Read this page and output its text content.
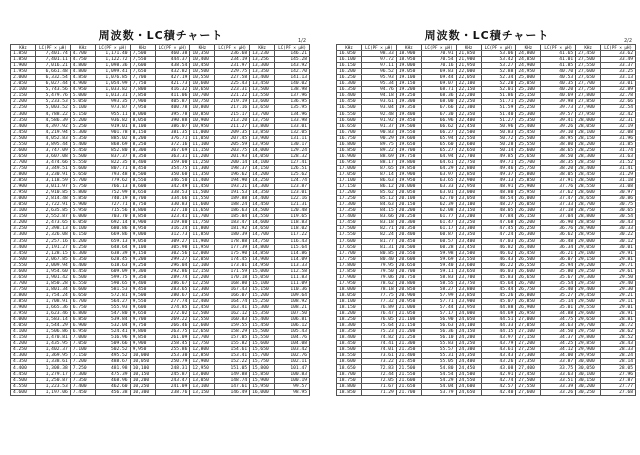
周波数・LC積チャート	1/2
KHz	LC(PF × μH)	KHz	LC(PF × μH)	KHz	LC(PF × μH)	KHz	LC(PF × μH)	KHz	LC(PF × μH)
1.850	7,401.74	4.700	1,171.40	7,500	460.38	10,350	236.68	13,230	146.21
1.850	7,401.11	4.750	1,122.72	7,550	444.37	10,400	234.19	13,256	145.28
1.900	7,016.21	4.800	1,098.36	7,600	438.54	10,450	231.97	13,300	143.92
1.950	6,661.48	4.800	1,099.41	7,650	432.82	10,500	229.75	13,350	142.70
2.000	6,332.54	4.850	1,076.85	7,700	427.19	10,550	227.58	13,400	141.13
2.050	6,027.44	4.900	1,054.99	7,750	421.73	10,600	225.43	13,450	140.02
2.100	5,743.56	4.950	1,033.82	7,800	416.32	10,650	223.31	13,500	138.98
2.150	5,479.76	5.000	1,013.31	7,850	411.06	10,700	221.22	13,550	137.96
2.200	5,233.53	5.050	993.35	7,900	405.87	10,750	219.19	13,600	136.95
2.250	5,003.52	5.100	973.87	7,950	400.78	10,800	217.16	13,650	135.95
2.300	4,788.22	5.150	955.11	8,000	395.78	10,850	215.17	13,700	134.96
2.350	4,586.39	5.200	936.82	8,050	390.88	10,900	213.20	13,750	133.98
2.400	4,397.92	5.250	919.01	8,100	386.07	10,950	211.27	13,800	133.01
2.450	4,219.94	5.300	901.78	8,150	381.35	11,000	209.35	13,850	132.05
2.500	4,052.83	5.350	885.02	8,200	376.71	11,050	207.45	13,900	131.11
2.550	3,895.44	5.400	868.69	8,250	372.16	11,100	205.59	13,950	130.17
2.600	3,747.09	5.450	852.80	8,300	367.69	11,150	203.75	14,000	129.24
2.650	3,607.08	5.500	837.37	8,350	363.31	11,200	201.93	14,050	128.32
2.700	3,474.66	5.550	822.35	8,400	359.00	11,250	200.14	14,100	127.41
2.750	3,349.51	5.600	807.71	8,450	354.75	11,300	198.37	14,150	126.51
2.800	3,230.91	5.650	793.48	8,500	350.60	11,350	196.62	14,200	125.62
2.850	3,118.59	5.700	779.62	8,550	346.50	11,400	194.90	14,250	124.74
2.900	3,011.97	5.750	766.13	8,600	342.49	11,450	193.21	14,300	123.87
2.950	2,910.85	5.800	752.99	8,650	338.53	11,500	191.53	14,350	123.01
3.000	2,814.48	5.850	740.19	8,700	334.66	11,550	189.88	14,400	122.16
3.050	2,722.91	5.900	727.71	8,750	330.83	11,600	188.24	14,450	121.31
3.100	2,635.85	5.950	715.56	8,800	327.10	11,650	186.63	14,500	120.48
3.150	2,552.87	6.000	703.70	8,850	323.41	11,700	185.04	14,550	119.65
3.200	2,473.65	6.050	692.14	8,900	319.80	11,750	183.47	14,600	118.83
3.250	2,398.13	6.100	680.86	8,950	316.24	11,800	181.92	14,650	118.02
3.300	2,326.08	6.150	669.86	9,000	312.73	11,850	180.39	14,700	117.22
3.350	2,257.16	6.200	659.13	9,050	309.27	11,900	178.88	14,750	116.43
3.400	2,191.27	6.250	648.64	9,100	305.90	11,950	177.39	14,800	115.64
3.450	2,128.15	6.300	638.39	9,150	302.56	12,000	175.90	14,850	114.86
3.500	2,067.85	6.350	628.45	9,200	299.27	12,050	174.45	14,900	114.09
3.550	2,009.94	6.400	618.63	9,250	296.04	12,100	173.01	14,950	113.33
3.600	1,954.60	6.450	609.09	9,300	292.86	12,150	171.59	15,000	112.58
3.650	1,901.42	6.500	599.75	9,350	289.74	12,200	170.18	15,050	111.83
3.700	1,850.28	6.550	590.65	9,400	286.67	12,250	168.80	15,100	111.09
3.750	1,801.34	6.600	581.53	9,450	283.65	12,300	167.43	15,150	110.36
3.800	1,754.24	6.650	572.81	9,500	280.67	12,350	166.07	15,200	109.64
3.850	1,708.91	6.700	564.27	9,550	277.74	12,400	164.74	15,250	108.92
3.900	1,665.36	6.750	555.93	9,600	274.85	12,450	163.41	15,300	108.21
3.950	1,623.46	6.800	547.80	9,650	272.02	12,500	162.12	15,350	107.50
4.000	1,583.14	6.850	539.84	9,700	269.22	12,550	160.83	15,400	106.81
4.050	1,544.29	6.900	532.04	9,750	266.46	12,600	159.55	15,450	106.12
4.100	1,506.86	6.950	524.41	9,800	263.75	12,650	158.29	15,500	105.43
4.150	1,470.81	7.000	516.96	9,850	261.09	12,700	157.05	15,550	104.76
4.200	1,435.95	7.050	509.66	9,900	258.45	12,750	155.82	15,600	104.08
4.250	1,402.37	7.100	502.52	9,950	255.86	12,800	154.61	15,650	103.42
4.300	1,369.95	7.150	495.52	10,000	253.30	12,850	153.41	15,700	102.76
4.350	1,338.61	7.200	488.67	10,050	250.79	12,900	152.22	15,750	102.11
4.400	1,308.38	7.250	481.98	10,100	248.31	12,950	151.05	15,800	101.47
4.450	1,279.17	7.300	475.39	10,150	245.87	13,000	149.88	15,850	100.83
4.500	1,250.87	7.350	468.96	10,200	243.47	13,050	148.74	15,900	100.19
4.550	1,223.53	7.400	462.60	10,250	241.09	13,100	147.61	15,950	99.57
4.600	1,197.06	7.450	456.38	10,300	238.76	13,150	146.49	16,000	98.95
周波数・LC積チャート	2/2
KHz	LC(PF × μH)	KHz	LC(PF × μH)	KHz	LC(PF × μH)	KHz	LC(PF × μH)	KHz	LC(PF × μH)
16.050	98.33	18.900	70.91	21,850	53.06	24,800	41.65	27,450	33.62
16.100	97.72	18.950	70.54	21,900	53.42	24,850	41.01	27,500	33.49
16.150	97.11	19.000	70.16	21,950	53.27	24,900	41.85	27,550	33.37
16.200	96.52	19.050	69.83	22,000	52.88	24,950	40.70	27,600	33.25
16.250	95.93	19.100	69.44	22,050	52.34	25,000	40.53	27,650	33.13
16.300	95.34	19.150	69.07	22,100	52.20	25,050	40.35	27,700	33.01
16.350	94.76	19.200	68.71	22,150	52.01	25,100	40.20	27,750	32.89
16.400	94.18	19.250	68.36	22,200	51.86	25,150	40.69	27,800	32.78
16.450	93.61	19.300	68.00	22,250	51.71	25,200	39.98	27,850	32.66
16.500	93.04	19.350	67.66	22,300	51.59	25,250	39.73	27,900	32.54
16.550	92.48	19.400	67.30	22,350	51.40	25,300	39.57	27,950	32.42
16.600	91.92	19.450	66.96	22,400	51.27	25,350	39.41	28,000	32.31
16.650	91.37	19.500	66.62	22,450	50.96	25,400	39.26	28,050	32.19
16.700	90.83	19.550	66.27	22,500	50.83	25,450	39.10	28,100	32.08
16.750	90.29	19.600	65.94	22,550	50.72	25,500	38.95	28,150	31.96
16.800	89.75	19.650	65.60	22,600	50.28	25,550	38.80	28,200	31.85
16.850	89.22	19.700	65.27	22,650	50.14	25,600	38.65	28,250	31.74
16.900	88.69	19.750	64.94	22,700	49.85	25,650	38.50	28,300	31.63
16.950	88.17	19.800	64.61	22,750	49.71	25,700	38.35	28,350	31.52
17.000	87.65	19.850	64.29	22,800	49.46	25,750	38.20	28,400	31.41
17.050	87.14	19.900	63.97	22,850	49.37	25,800	38.05	28,450	31.29
17.100	86.63	19.950	63.65	22,900	49.13	25,850	37.91	28,500	31.18
17.150	86.12	20.000	63.33	22,950	48.91	25,900	37.76	28,550	31.08
17.200	85.62	20.050	63.01	23,000	48.80	25,950	37.62	28,600	30.97
17.250	85.12	20.100	62.70	23,050	48.54	26,000	37.47	28,650	30.86
17.300	84.63	20.150	62.39	23,100	48.27	26,050	37.33	28,700	30.75
17.350	84.15	20.200	62.08	23,150	48.05	26,100	37.18	28,750	30.65
17.400	83.66	20.250	61.77	23,200	47.84	26,150	37.04	28,800	30.54
17.450	83.18	20.300	61.47	23,250	47.68	26,200	36.90	28,850	30.43
17.500	82.71	20.350	61.17	23,300	47.45	26,250	36.76	28,900	30.33
17.550	82.24	20.400	60.87	23,350	47.24	26,300	36.62	28,950	30.22
17.600	81.77	20.450	60.57	23,400	47.03	26,350	36.48	29,000	30.12
17.650	81.31	20.500	60.28	23,450	46.82	26,400	36.34	29,050	30.01
17.700	80.85	20.550	59.98	23,500	46.62	26,450	36.21	29,100	29.91
17.750	80.40	20.600	59.69	23,550	46.43	26,500	36.07	29,150	29.81
17.800	79.95	20.650	59.40	23,600	46.22	26,550	35.94	29,200	29.71
17.850	79.50	20.700	59.11	23,650	46.03	26,600	35.80	29,250	29.61
17.900	79.06	20.750	58.83	23,700	45.83	26,650	35.67	29,300	29.50
17.950	78.62	20.800	58.55	23,750	45.64	26,700	35.54	29,350	29.40
18.000	78.18	20.850	58.27	23,800	45.44	26,750	35.40	29,400	29.30
18.050	77.75	20.900	57.99	23,850	45.26	26,800	35.27	29,450	29.21
18.100	77.32	20.950	57.71	23,900	45.07	26,850	35.14	29,500	29.11
18.150	76.89	21.000	57.44	23,950	44.88	26,900	35.01	29,550	29.01
18.200	76.47	21.050	57.17	24,000	44.69	26,950	34.88	29,600	28.91
18.250	76.05	21.100	56.90	24,050	44.51	27,000	34.75	29,650	28.81
18.300	75.64	21.150	56.63	24,100	44.33	27,050	34.63	29,700	28.72
18.350	75.23	21.200	56.36	24,150	44.15	27,100	34.50	29,750	28.62
18.400	74.82	21.250	56.10	24,200	43.97	27,150	34.37	29,800	28.52
18.450	74.41	21.300	55.83	24,250	43.79	27,200	34.25	29,850	28.43
18.500	74.01	21.350	55.57	24,300	43.61	27,250	34.12	29,900	28.33
18.550	73.61	21.400	55.31	24,350	43.43	27,300	34.00	29,950	28.24
18.600	73.22	21.450	55.05	24,400	43.26	27,350	33.87	30,000	28.14
18.650	72.83	21.500	54.80	24,450	43.08	27,400	33.75	30,050	28.05
18.700	72.44	21.550	54.54	24,500	42.91	27,450	33.63	30,100	27.96
18.750	72.05	21.600	54.29	24,550	42.74	27,500	33.51	30,150	27.87
18.800	71.67	21.650	54.04	24,600	42.57	27,550	33.39	30,200	27.77
18.850	71.29	21.700	53.79	24,650	42.40	27,600	33.26	30,250	27.68
